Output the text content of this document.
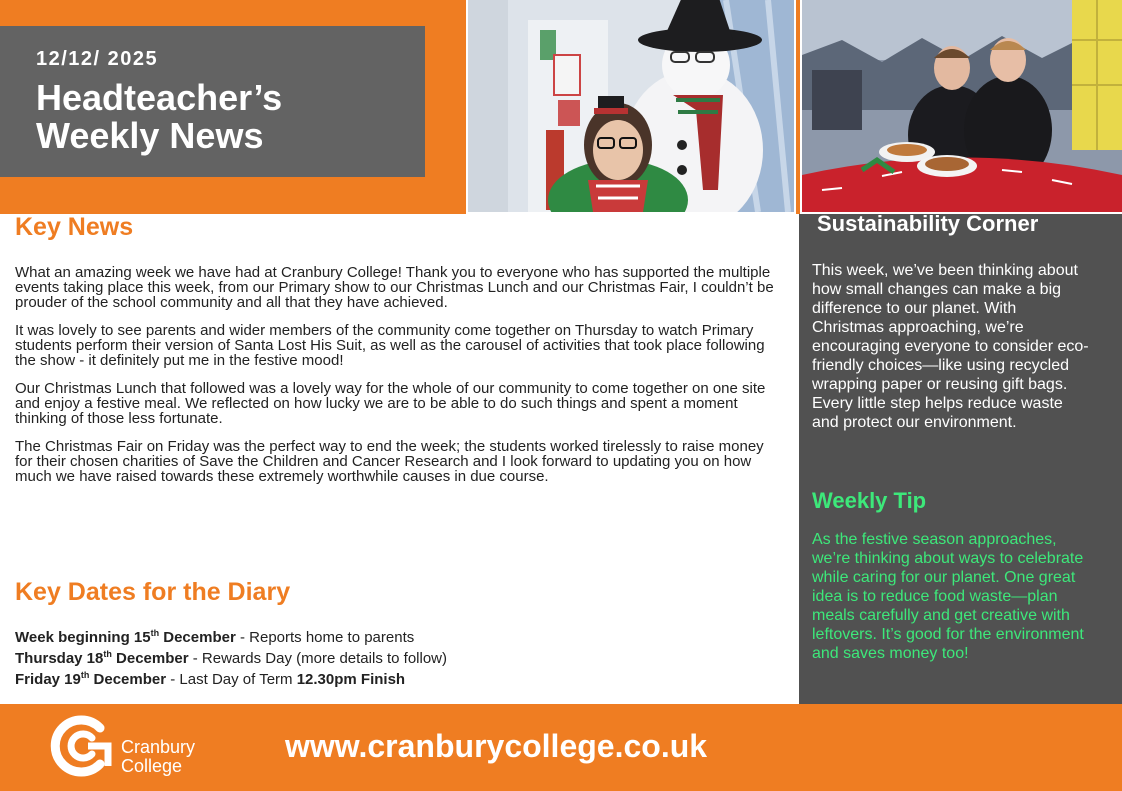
12/12/ 2025
Headteacher’s
Weekly News
Key News

What an amazing week we have had at Cranbury College! Thank you to everyone who has supported the multiple events taking place this week, from our Primary show to our Christmas Lunch and our Christmas Fair, I couldn’t be prouder of the school community and all that they have achieved.

It was lovely to see parents and wider members of the community come together on Thursday to watch Primary students perform their version of Santa Lost His Suit, as well as the carousel of activities that took place following the show - it definitely put me in the festive mood!

Our Christmas Lunch that followed was a lovely way for the whole of our community to come together on one site and enjoy a festive meal. We reflected on how lucky we are to be able to do such things and spent a moment thinking of those less fortunate.

The Christmas Fair on Friday was the perfect way to end the week; the students worked tirelessly to raise money for their chosen charities of Save the Children and Cancer Research and I look forward to updating you on how much we have raised towards these extremely worthwhile causes in due course.

Key Dates for the Diary
Week beginning 15th December - Reports home to parents
Thursday 18th December - Rewards Day (more details to follow)
Friday 19th December - Last Day of Term 12.30pm Finish
Sustainability Corner
This week, we’ve been thinking about how small changes can make a big difference to our planet. With Christmas approaching, we’re encouraging everyone to consider eco-friendly choices—like using recycled wrapping paper or reusing gift bags. Every little step helps reduce waste and protect our environment.
Weekly Tip
As the festive season approaches, we’re thinking about ways to celebrate while caring for our planet. One great idea is to reduce food waste—plan meals carefully and get creative with leftovers. It’s good for the environment and saves money too!
Cranbury
College
www.cranburycollege.co.uk
